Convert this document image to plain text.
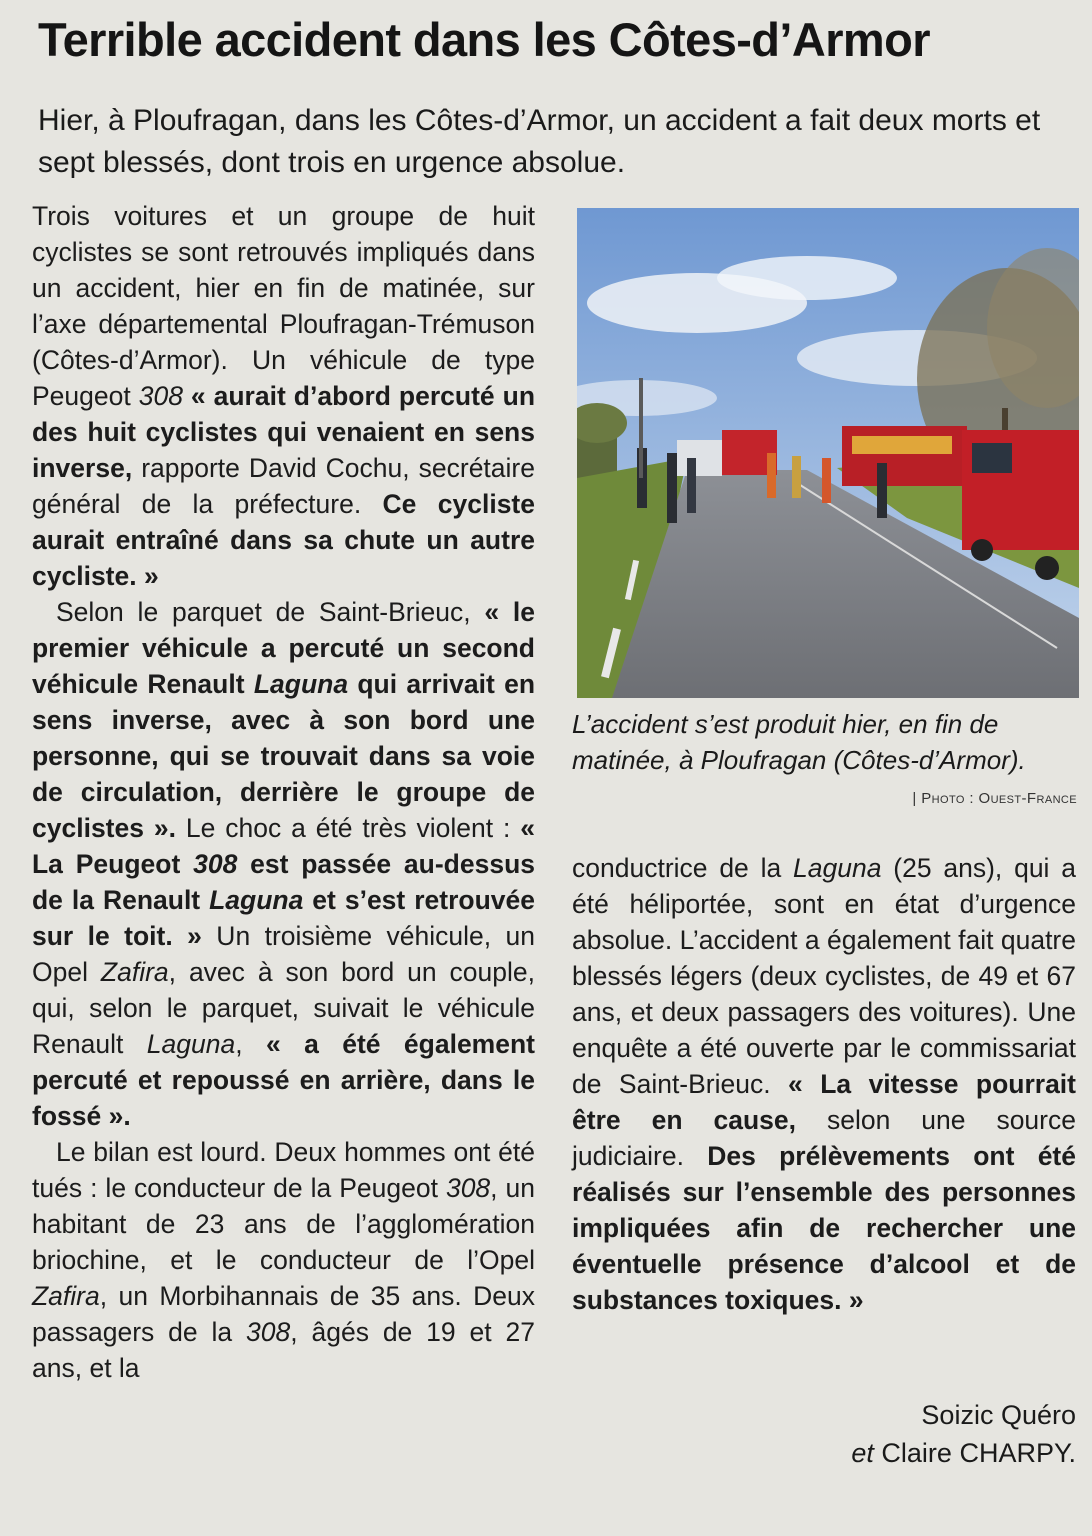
Terrible accident dans les Côtes-d’Armor
Hier, à Ploufragan, dans les Côtes-d’Armor, un accident a fait deux morts et sept blessés, dont trois en urgence absolue.

Trois voitures et un groupe de huit cyclistes se sont retrouvés impliqués dans un accident, hier en fin de matinée, sur l’axe départemental Ploufragan-Trémuson (Côtes-d’Armor). Un véhicule de type Peugeot 308 « aurait d’abord percuté un des huit cyclistes qui venaient en sens inverse, rapporte David Cochu, secrétaire général de la préfecture. Ce cycliste aurait entraîné dans sa chute un autre cycliste. »

Selon le parquet de Saint-Brieuc, « le premier véhicule a percuté un second véhicule Renault Laguna qui arrivait en sens inverse, avec à son bord une personne, qui se trouvait dans sa voie de circulation, derrière le groupe de cyclistes ». Le choc a été très violent : « La Peugeot 308 est passée au-dessus de la Renault Laguna et s’est retrouvée sur le toit. » Un troisième véhicule, un Opel Zafira, avec à son bord un couple, qui, selon le parquet, suivait le véhicule Renault Laguna, « a été également percuté et repoussé en arrière, dans le fossé ».

Le bilan est lourd. Deux hommes ont été tués : le conducteur de la Peugeot 308, un habitant de 23 ans de l’agglomération briochine, et le conducteur de l’Opel Zafira, un Morbihannais de 35 ans. Deux passagers de la 308, âgés de 19 et 27 ans, et la

L’accident s’est produit hier, en fin de matinée, à Ploufragan (Côtes-d’Armor).
| Photo : Ouest-France

conductrice de la Laguna (25 ans), qui a été héliportée, sont en état d’urgence absolue. L’accident a également fait quatre blessés légers (deux cyclistes, de 49 et 67 ans, et deux passagers des voitures). Une enquête a été ouverte par le commissariat de Saint-Brieuc. « La vitesse pourrait être en cause, selon une source judiciaire. Des prélèvements ont été réalisés sur l’ensemble des personnes impliquées afin de rechercher une éventuelle présence d’alcool et de substances toxiques. »

Soizic Quéro
et Claire CHARPY.
